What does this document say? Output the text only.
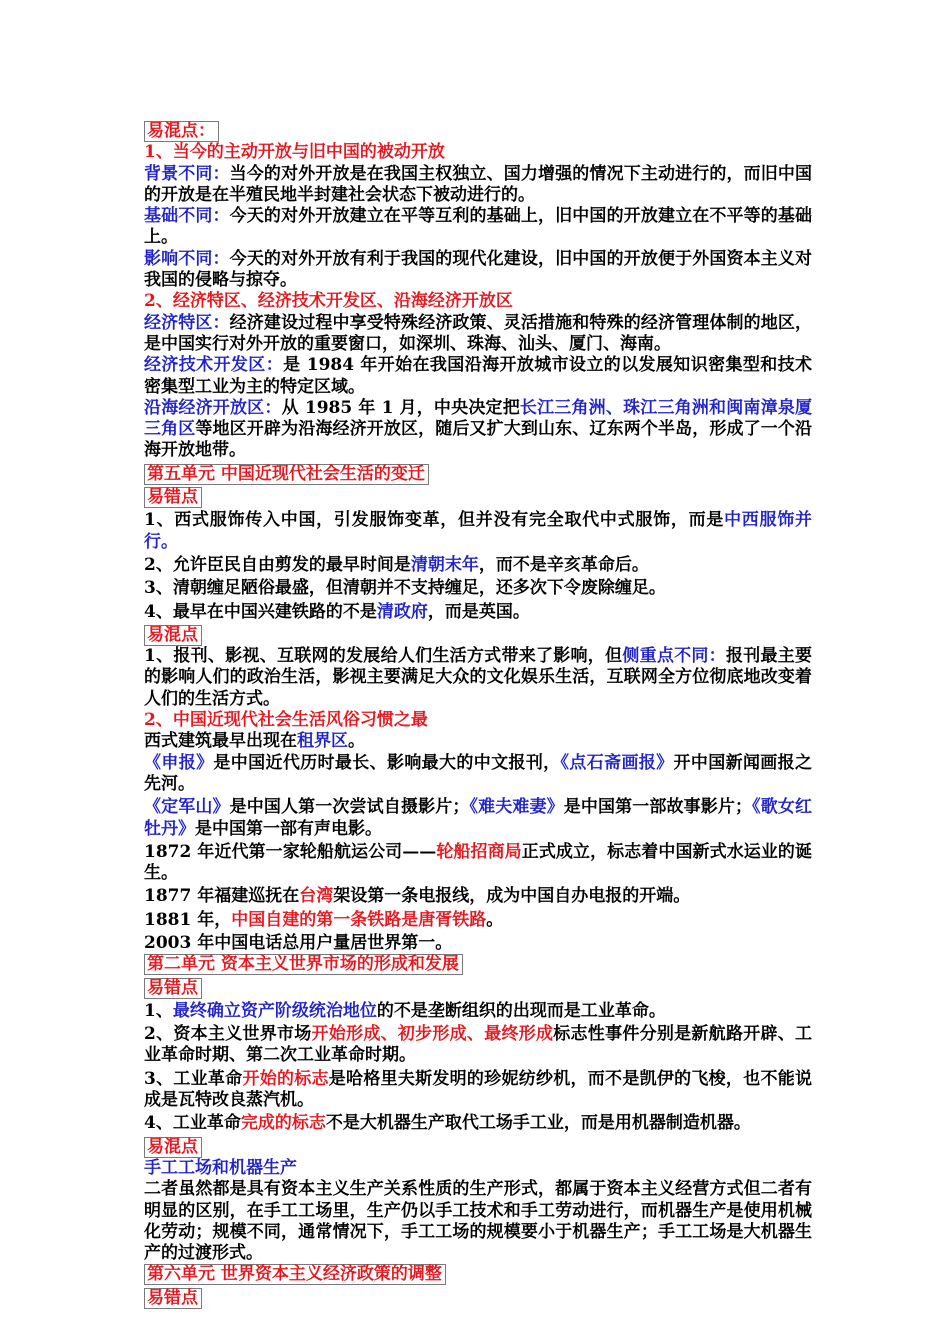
易混点：

1、当今的主动开放与旧中国的被动开放

背景不同：当今的对外开放是在我国主权独立、国力增强的情况下主动进行的，而旧中国的开放是在半殖民地半封建社会状态下被动进行的。

基础不同：今天的对外开放建立在平等互利的基础上，旧中国的开放建立在不平等的基础上。

影响不同：今天的对外开放有利于我国的现代化建设，旧中国的开放便于外国资本主义对我国的侵略与掠夺。

2、经济特区、经济技术开发区、沿海经济开放区

经济特区：经济建设过程中享受特殊经济政策、灵活措施和特殊的经济管理体制的地区，是中国实行对外开放的重要窗口，如深圳、珠海、汕头、厦门、海南。

经济技术开发区：是 1984 年开始在我国沿海开放城市设立的以发展知识密集型和技术密集型工业为主的特定区域。

沿海经济开放区：从 1985 年 1 月，中央决定把长江三角洲、珠江三角洲和闽南漳泉厦三角区等地区开辟为沿海经济开放区，随后又扩大到山东、辽东两个半岛，形成了一个沿海开放地带。

第五单元 中国近现代社会生活的变迁

易错点

1、西式服饰传入中国，引发服饰变革，但并没有完全取代中式服饰，而是中西服饰并行。

2、允许臣民自由剪发的最早时间是清朝末年，而不是辛亥革命后。

3、清朝缠足陋俗最盛，但清朝并不支持缠足，还多次下令废除缠足。

4、最早在中国兴建铁路的不是清政府，而是英国。

易混点

1、报刊、影视、互联网的发展给人们生活方式带来了影响，但侧重点不同：报刊最主要的影响人们的政治生活，影视主要满足大众的文化娱乐生活，互联网全方位彻底地改变着人们的生活方式。

2、中国近现代社会生活风俗习惯之最

西式建筑最早出现在租界区。

《申报》是中国近代历时最长、影响最大的中文报刊，《点石斋画报》开中国新闻画报之先河。

《定军山》是中国人第一次尝试自摄影片；《难夫难妻》是中国第一部故事影片；《歌女红牡丹》是中国第一部有声电影。

1872 年近代第一家轮船航运公司——轮船招商局正式成立，标志着中国新式水运业的诞生。

1877 年福建巡抚在台湾架设第一条电报线，成为中国自办电报的开端。

1881 年，中国自建的第一条铁路是唐胥铁路。

2003 年中国电话总用户量居世界第一。

第二单元 资本主义世界市场的形成和发展

易错点

1、最终确立资产阶级统治地位的不是垄断组织的出现而是工业革命。

2、资本主义世界市场开始形成、初步形成、最终形成标志性事件分别是新航路开辟、工业革命时期、第二次工业革命时期。

3、工业革命开始的标志是哈格里夫斯发明的珍妮纺纱机，而不是凯伊的飞梭，也不能说成是瓦特改良蒸汽机。

4、工业革命完成的标志不是大机器生产取代工场手工业，而是用机器制造机器。

易混点

手工工场和机器生产

二者虽然都是具有资本主义生产关系性质的生产形式，都属于资本主义经营方式但二者有明显的区别，在手工工场里，生产仍以手工技术和手工劳动进行，而机器生产是使用机械化劳动；规模不同，通常情况下，手工工场的规模要小于机器生产；手工工场是大机器生产的过渡形式。

第六单元 世界资本主义经济政策的调整

易错点
